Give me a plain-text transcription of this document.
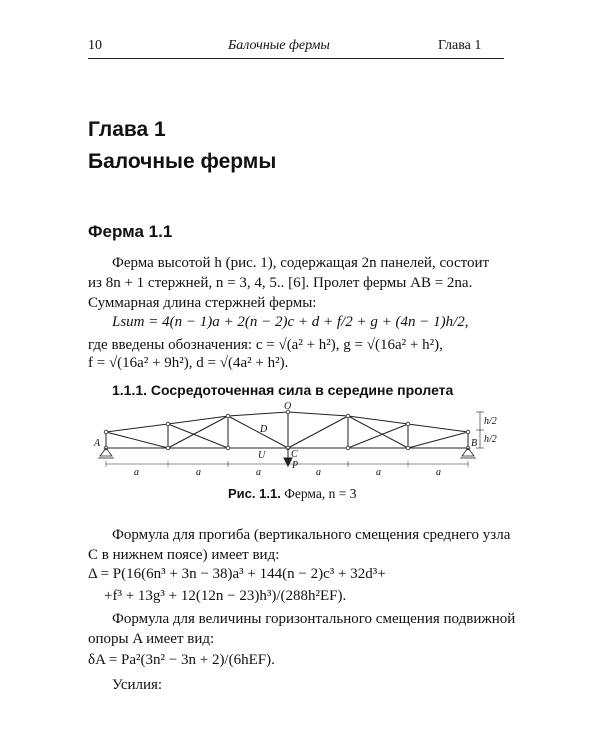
10	Балочные фермы	Глава 1
Глава 1
Балочные фермы
Ферма 1.1
Ферма высотой h (рис. 1), содержащая 2n панелей, состоит
из 8n + 1 стержней, n = 3, 4, 5.. [6]. Пролет фермы AB = 2na.
Суммарная длина стержней фермы:
Lsum = 4(n − 1)a + 2(n − 2)c + d + f/2 + g + (4n − 1)h/2,
где введены обозначения: c = √(a² + h²), g = √(16a² + h²),
f = √(16a² + 9h²), d = √(4a² + h²).
1.1.1. Сосредоточенная сила в середине пролета
A	B
O
D
U	C
P
h/2
h/2
a	a	a	a	a	a
Рис. 1.1. Ферма, n = 3
Формула для прогиба (вертикального смещения среднего узла
C в нижнем поясе) имеет вид:
Δ = P(16(6n³ + 3n − 38)a³ + 144(n − 2)c³ + 32d³+
+f³ + 13g³ + 12(12n − 23)h³)/(288h²EF).
Формула для величины горизонтального смещения подвижной
опоры A имеет вид:
δA = Pa²(3n² − 3n + 2)/(6hEF).
Усилия:
